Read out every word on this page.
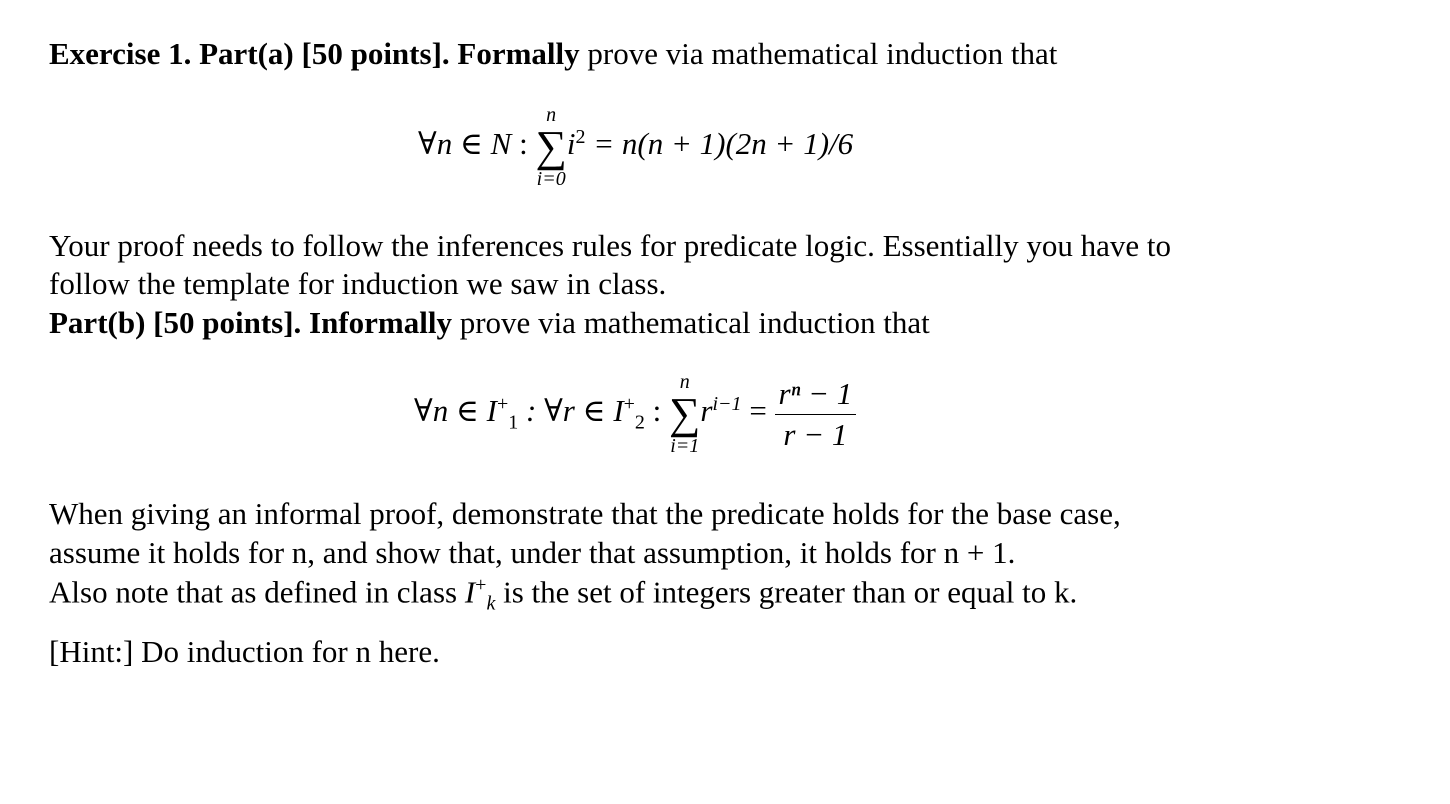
Exercise 1. Part(a) [50 points]. Formally prove via mathematical induction that
∀n ∈ N :
n
∑
i=0
$i^2 = n(n + 1)(2n + 1)/6$
Your proof needs to follow the inferences rules for predicate logic. Essentially you have to
follow the template for induction we saw in class.
Part(b) [50 points]. Informally prove via mathematical induction that
∀n ∈ $I^+_1$ : ∀r ∈ $I^+_2$ :
n
∑
i=1
$r^{i-1} = \frac{\text{rⁿ − 1}}{r - 1}$
When giving an informal proof, demonstrate that the predicate holds for the base case,
assume it holds for n, and show that, under that assumption, it holds for n + 1.
Also note that as defined in class $I^+_k$ is the set of integers greater than or equal to k.
[Hint:] Do induction for n here.
